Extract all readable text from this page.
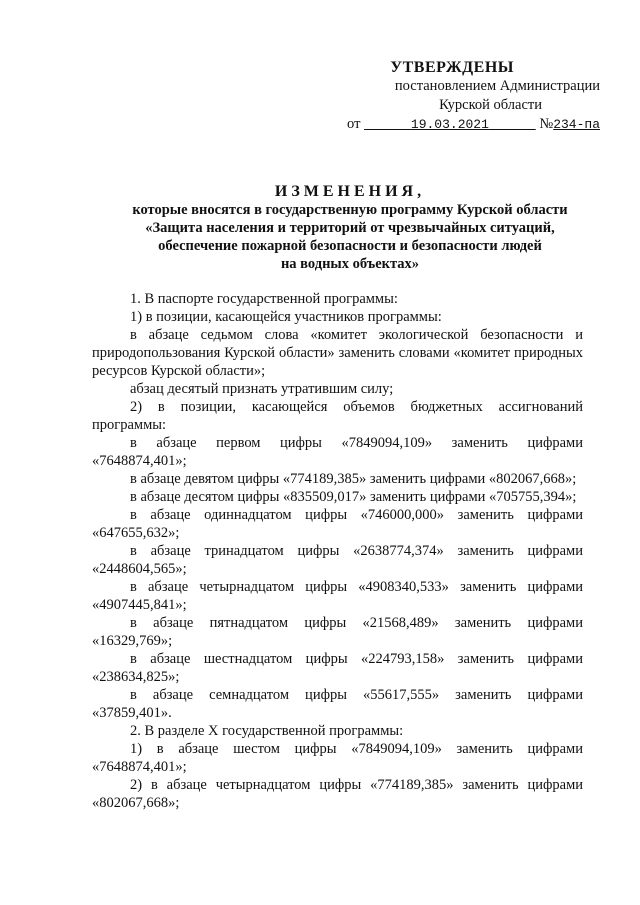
УТВЕРЖДЕНЫ
постановлением Администрации
Курской области
от	19.03.2021	№234-па
ИЗМЕНЕНИЯ,
которые вносятся в государственную программу Курской области
«Защита населения и территорий от чрезвычайных ситуаций,
обеспечение пожарной безопасности и безопасности людей
на водных объектах»

1. В паспорте государственной программы:

1) в позиции, касающейся участников программы:

в абзаце седьмом слова «комитет экологической безопасности и природопользования Курской области» заменить словами «комитет природных ресурсов Курской области»;

абзац десятый признать утратившим силу;

2) в позиции, касающейся объемов бюджетных ассигнований программы:

в абзаце первом цифры «7849094,109» заменить цифрами «7648874,401»;

в абзаце девятом цифры «774189,385» заменить цифрами «802067,668»;

в абзаце десятом цифры «835509,017» заменить цифрами «705755,394»;

в абзаце одиннадцатом цифры «746000,000» заменить цифрами «647655,632»;

в абзаце тринадцатом цифры «2638774,374» заменить цифрами «2448604,565»;

в абзаце четырнадцатом цифры «4908340,533» заменить цифрами «4907445,841»;

в абзаце пятнадцатом цифры «21568,489» заменить цифрами «16329,769»;

в абзаце шестнадцатом цифры «224793,158» заменить цифрами «238634,825»;

в абзаце семнадцатом цифры «55617,555» заменить цифрами «37859,401».

2. В разделе X государственной программы:

1) в абзаце шестом цифры «7849094,109» заменить цифрами «7648874,401»;

2) в абзаце четырнадцатом цифры «774189,385» заменить цифрами «802067,668»;
